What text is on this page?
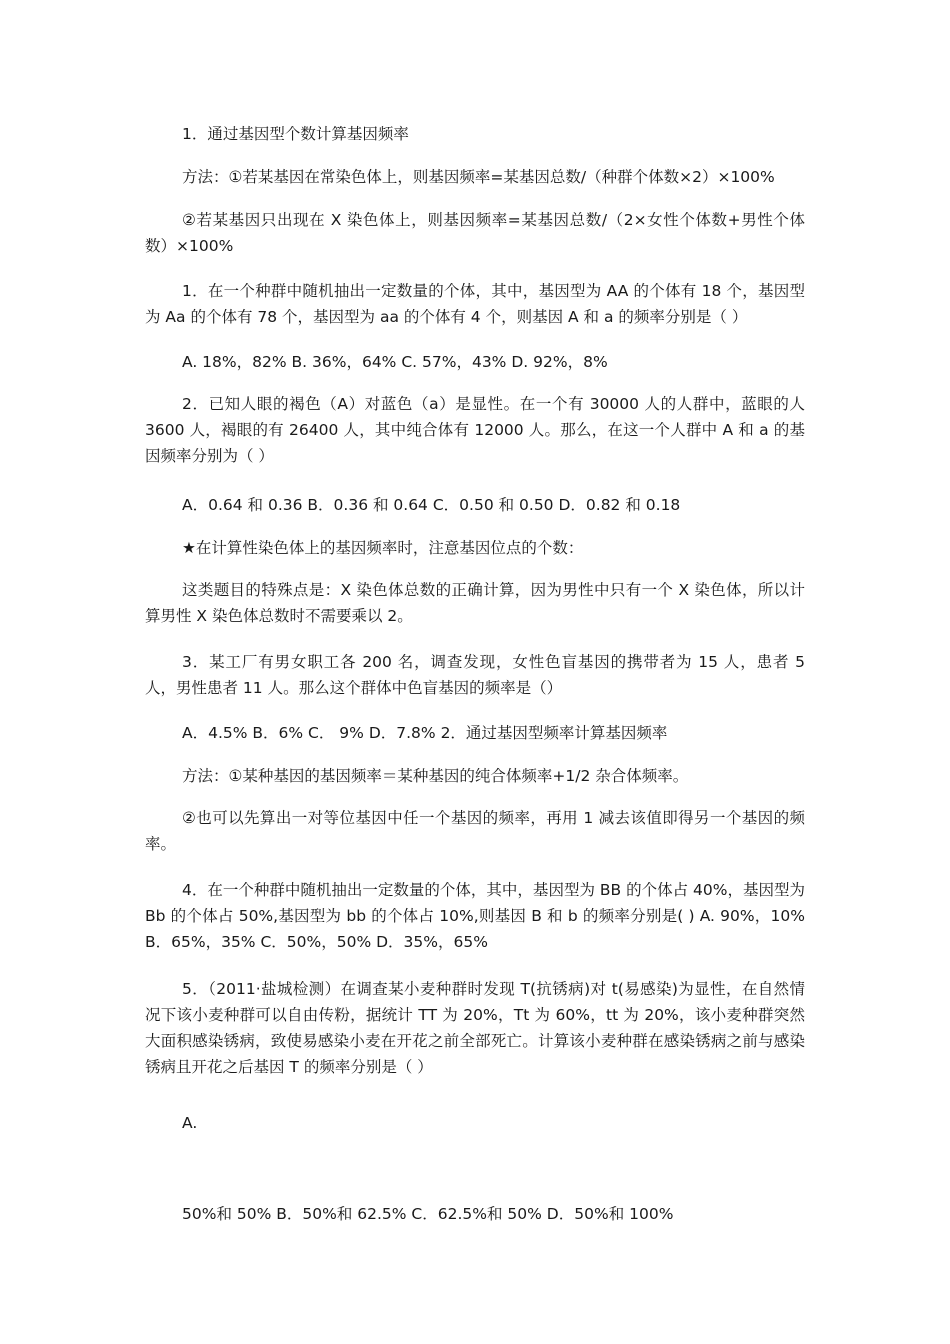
1．通过基因型个数计算基因频率

方法：①若某基因在常染色体上，则基因频率=某基因总数/（种群个体数×2）×100%

②若某基因只出现在 X 染色体上，则基因频率=某基因总数/（2×女性个体数+男性个体数）×100%

1．在一个种群中随机抽出一定数量的个体，其中，基因型为 AA 的个体有 18 个，基因型为 Aa 的个体有 78 个，基因型为 aa 的个体有 4 个，则基因 A 和 a 的频率分别是（ ）

A. 18%，82% B. 36%，64% C. 57%，43% D. 92%，8%

2．已知人眼的褐色（A）对蓝色（a）是显性。在一个有 30000 人的人群中，蓝眼的人 3600 人，褐眼的有 26400 人，其中纯合体有 12000 人。那么，在这一个人群中 A 和 a 的基因频率分别为（ ）

A．0.64 和 0.36 B．0.36 和 0.64 C．0.50 和 0.50 D．0.82 和 0.18

★在计算性染色体上的基因频率时，注意基因位点的个数：

这类题目的特殊点是：X 染色体总数的正确计算，因为男性中只有一个 X 染色体，所以计算男性 X 染色体总数时不需要乘以 2。

3．某工厂有男女职工各 200 名，调查发现，女性色盲基因的携带者为 15 人，患者 5 人，男性患者 11 人。那么这个群体中色盲基因的频率是（）

A．4.5% B．6% C． 9% D．7.8% 2．通过基因型频率计算基因频率

方法：①某种基因的基因频率＝某种基因的纯合体频率+1/2 杂合体频率。

②也可以先算出一对等位基因中任一个基因的频率，再用 1 减去该值即得另一个基因的频率。

4．在一个种群中随机抽出一定数量的个体，其中，基因型为 BB 的个体占 40%，基因型为 Bb 的个体占 50%,基因型为 bb 的个体占 10%,则基因 B 和 b 的频率分别是( ) A. 90%，10% B．65%，35% C．50%，50% D．35%，65%

5．（2011·盐城检测）在调查某小麦种群时发现 T(抗锈病)对 t(易感染)为显性，在自然情况下该小麦种群可以自由传粉，据统计 TT 为 20%，Tt 为 60%，tt 为 20%，该小麦种群突然大面积感染锈病，致使易感染小麦在开花之前全部死亡。计算该小麦种群在感染锈病之前与感染锈病且开花之后基因 T 的频率分别是（ ）

A.

50%和 50% B．50%和 62.5% C．62.5%和 50% D．50%和 100%
